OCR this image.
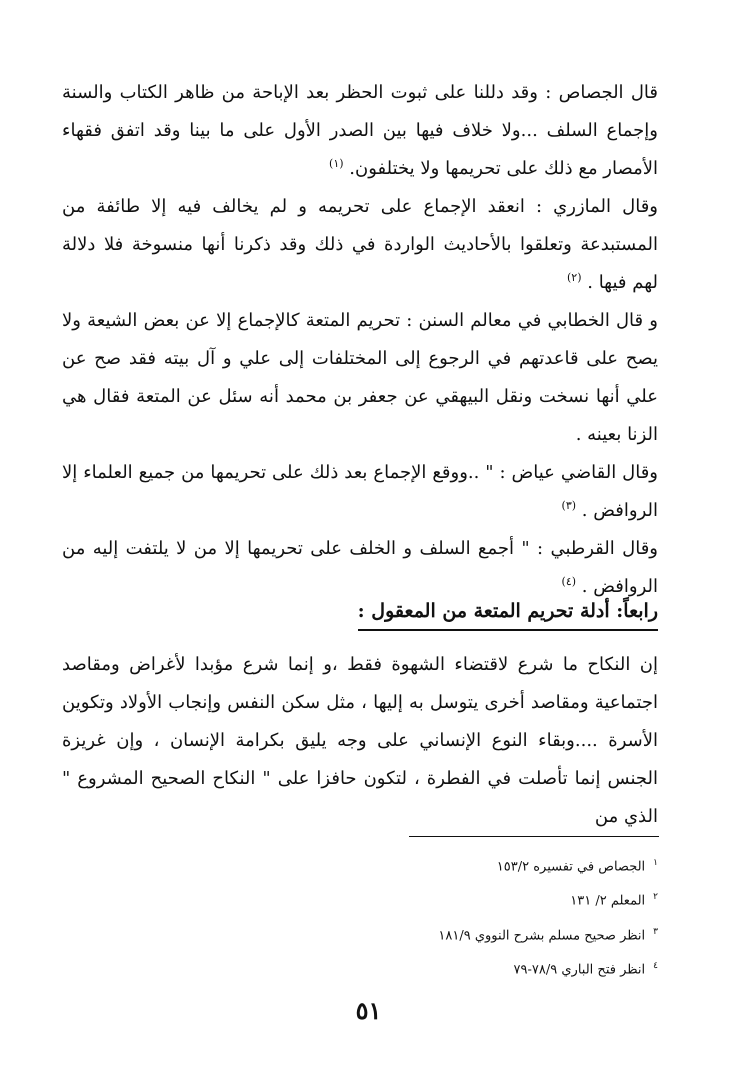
قال الجصاص : وقد دللنا على ثبوت الحظر بعد الإباحة من ظاهر الكتاب والسنة وإجماع السلف ...ولا خلاف فيها بين الصدر الأول على ما بينا وقد اتفق فقهاء الأمصار مع ذلك على تحريمها ولا يختلفون. $^{(١)}$

وقال المازري : انعقد الإجماع على تحريمه و لم يخالف فيه إلا طائفة من المستبدعة وتعلقوا بالأحاديث الواردة في ذلك وقد ذكرنا أنها منسوخة فلا دلالة لهم فيها . $^{(٢)}$

و قال الخطابي في معالم السنن : تحريم المتعة كالإجماع إلا عن بعض الشيعة ولا يصح على قاعدتهم في الرجوع إلى المختلفات إلى علي و آل بيته فقد صح عن علي أنها نسخت ونقل البيهقي عن جعفر بن محمد أنه سئل عن المتعة فقال هي الزنا بعينه .

وقال القاضي عياض : " ..ووقع الإجماع بعد ذلك على تحريمها من جميع العلماء إلا الروافض . $^{(٣)}$

وقال القرطبي : " أجمع السلف و الخلف على تحريمها إلا من لا يلتفت إليه من الروافض . $^{(٤)}$

رابعاً: أدلة تحريم المتعة من المعقول :

إن النكاح ما شرع لاقتضاء الشهوة فقط ،و إنما شرع مؤبدا لأغراض ومقاصد اجتماعية ومقاصد أخرى يتوسل به إليها ، مثل سكن النفس وإنجاب الأولاد وتكوين الأسرة ....وبقاء النوع الإنساني على وجه يليق بكرامة الإنسان ، وإن غريزة الجنس إنما تأصلت في الفطرة ، لتكون حافزا على " النكاح الصحيح المشروع " الذي من

$^١$الجصاص في تفسيره ١٥٣/٢
$^٢$المعلم ٢/ ١٣١
$^٣$انظر صحيح مسلم بشرح النووي ١٨١/٩
$^٤$انظر فتح الباري ٧٨/٩-٧٩
٥١
